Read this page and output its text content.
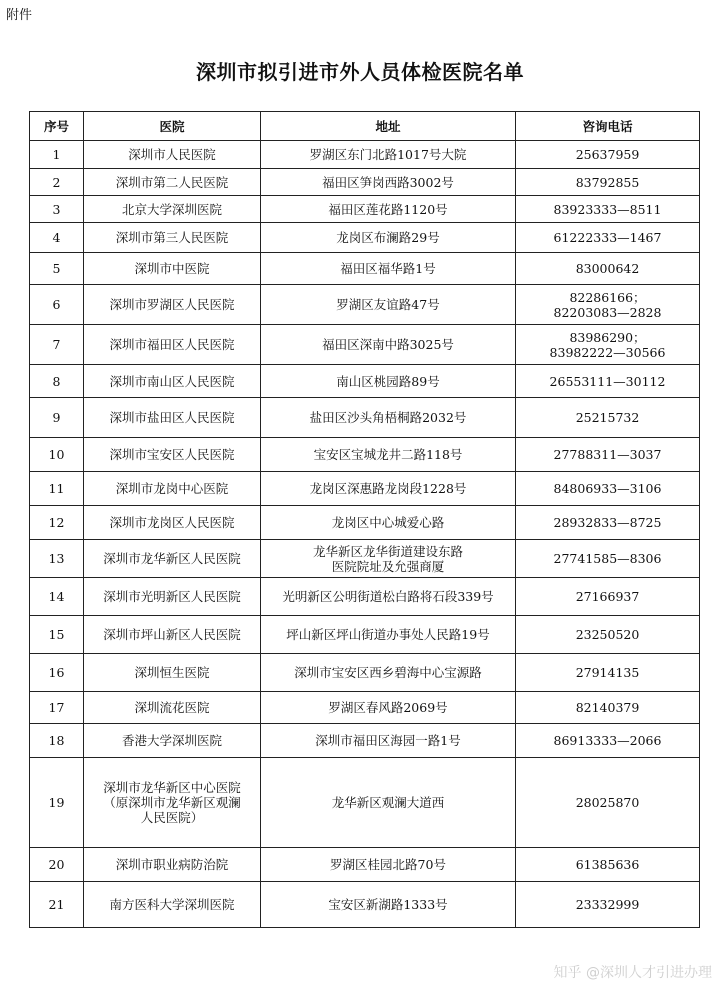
附件
深圳市拟引进市外人员体检医院名单
序号	医院	地址	咨询电话
1	深圳市人民医院	罗湖区东门北路1017号大院	25637959
2	深圳市第二人民医院	福田区笋岗西路3002号	83792855
3	北京大学深圳医院	福田区莲花路1120号	83923333—8511
4	深圳市第三人民医院	龙岗区布澜路29号	61222333—1467
5	深圳市中医院	福田区福华路1号	83000642
6	深圳市罗湖区人民医院	罗湖区友谊路47号	82286166；
82203083—2828
7	深圳市福田区人民医院	福田区深南中路3025号	83986290；
83982222—30566
8	深圳市南山区人民医院	南山区桃园路89号	26553111—30112
9	深圳市盐田区人民医院	盐田区沙头角梧桐路2032号	25215732
10	深圳市宝安区人民医院	宝安区宝城龙井二路118号	27788311—3037
11	深圳市龙岗中心医院	龙岗区深惠路龙岗段1228号	84806933—3106
12	深圳市龙岗区人民医院	龙岗区中心城爱心路	28932833—8725
13	深圳市龙华新区人民医院	龙华新区龙华街道建设东路
医院院址及允强商厦	27741585—8306
14	深圳市光明新区人民医院	光明新区公明街道松白路将石段339号	27166937
15	深圳市坪山新区人民医院	坪山新区坪山街道办事处人民路19号	23250520
16	深圳恒生医院	深圳市宝安区西乡碧海中心宝源路	27914135
17	深圳流花医院	罗湖区春风路2069号	82140379
18	香港大学深圳医院	深圳市福田区海园一路1号	86913333—2066
19	深圳市龙华新区中心医院
（原深圳市龙华新区观澜
人民医院）	龙华新区观澜大道西	28025870
20	深圳市职业病防治院	罗湖区桂园北路70号	61385636
21	南方医科大学深圳医院	宝安区新湖路1333号	23332999
知乎 @深圳人才引进办理
